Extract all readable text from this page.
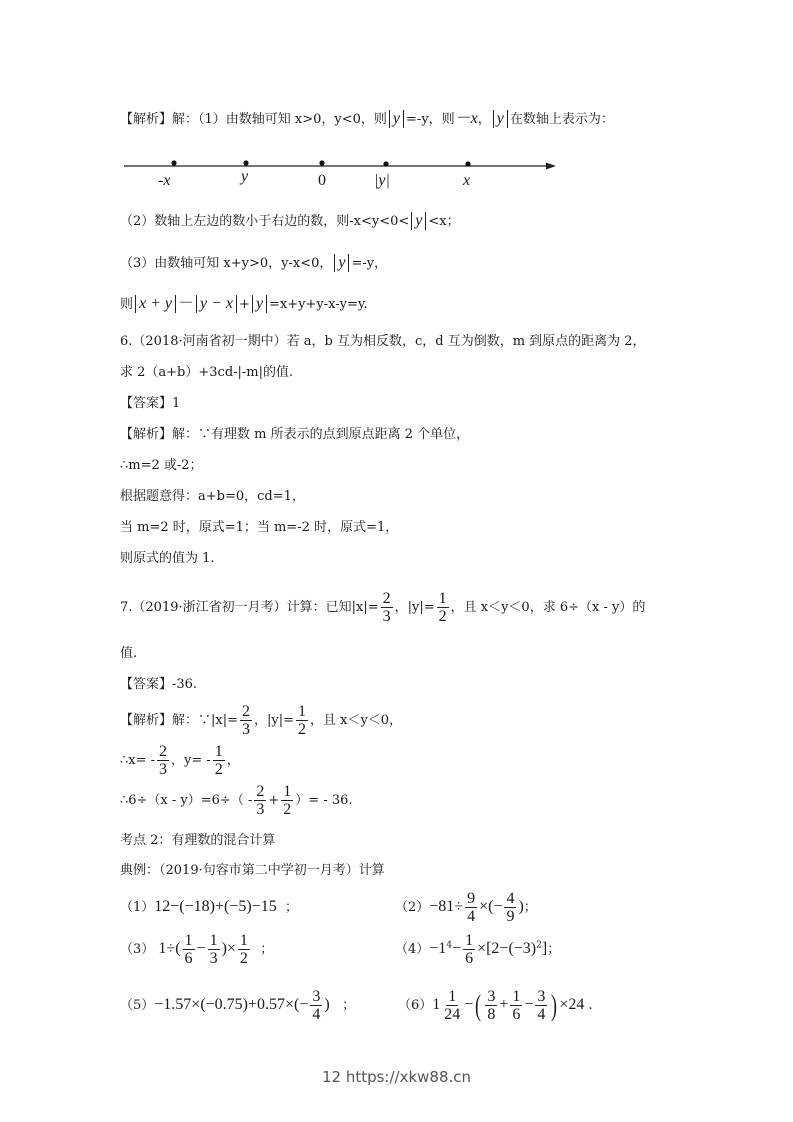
【解析】解：（1）由数轴可知 x>0，y<0，则 y =-y，则－x， y 在数轴上表示为：
-x	y	0	|y|	x
（2）数轴上左边的数小于右边的数，则-x<y<0< y <x；
（3）由数轴可知 x+y>0，y-x<0， y =-y，
则 x + y － y − x + y =x+y+y-x-y=y.
6.（2018·河南省初一期中）若 a，b 互为相反数，c，d 互为倒数，m 到原点的距离为 2，
求 2（a+b）+3cd-|-m|的值.
【答案】1
【解析】解：∵有理数 m 所表示的点到原点距离 2 个单位，
∴m=2 或-2；
根据题意得：a+b=0，cd=1，
当 m=2 时，原式=1；当 m=-2 时，原式=1，
则原式的值为 1.
7.（2019·浙江省初一月考）计算：已知$|x|= \frac{2}{3}$ ，$|y|= \frac{1}{2}$ ，且 x＜y＜0，求 6÷（x - y）的
值.
【答案】-36.
【解析】解：∵|x|= $\frac{2}{3}$ ，$|y|= \frac{1}{2}$ ，且 x＜y＜0，
∴x= - $\frac{2}{3}$ ，$y= - \frac{1}{2}$ ，
∴6÷（x - $y)=6\div( - \frac{2}{3} + \frac{1}{2}$ ）= - 36.
考点 2：有理数的混合计算
典例：（2019·句容市第二中学初一月考）计算
（1）12−(−18)+(−5)−15 ；	$(2)-81\div \frac{9}{4}$ ×(− $\frac{4}{9}$ )；
（3） $1\div( \frac{1}{6} - \frac{1}{3}$ )× $\frac{1}{2}$ ；	$(4)-1^4- \frac{1}{6} \times[2-(-3)^2]$；
$(5)-1.57\times(-0.75)+0.57\times(- \frac{3}{4}$ ) ；	$(6)1 \frac{1}{24}$ −( $\frac{3}{8} + \frac{1}{6} - \frac{3}{4}$ ) ×24 .
12 https://xkw88.cn
